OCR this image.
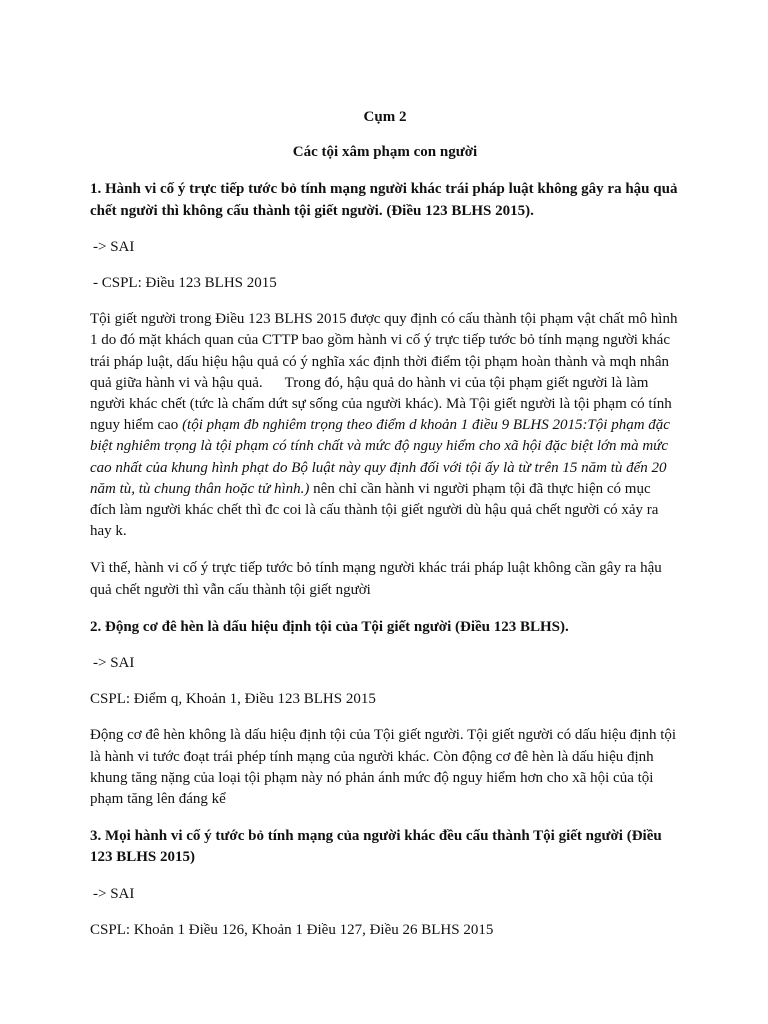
Cụm 2

Các tội xâm phạm con người

1. Hành vi cố ý trực tiếp tước bỏ tính mạng người khác trái pháp luật không gây ra hậu quả chết người thì không cấu thành tội giết người. (Điều 123 BLHS 2015).

-> SAI

- CSPL: Điều 123 BLHS 2015

Tội giết người trong Điều 123 BLHS 2015 được quy định có cấu thành tội phạm vật chất mô hình 1 do đó mặt khách quan của CTTP bao gồm hành vi cố ý trực tiếp tước bỏ tính mạng người khác trái pháp luật, dấu hiệu hậu quả có ý nghĩa xác định thời điểm tội phạm hoàn thành và mqh nhân quả giữa hành vi và hậu quả. Trong đó, hậu quả do hành vi của tội phạm giết người là làm người khác chết (tức là chấm dứt sự sống của người khác). Mà Tội giết người là tội phạm có tính nguy hiểm cao (tội phạm đb nghiêm trọng theo điểm d khoản 1 điều 9 BLHS 2015:Tội phạm đặc biệt nghiêm trọng là tội phạm có tính chất và mức độ nguy hiểm cho xã hội đặc biệt lớn mà mức cao nhất của khung hình phạt do Bộ luật này quy định đối với tội ấy là từ trên 15 năm tù đến 20 năm tù, tù chung thân hoặc tử hình.) nên chỉ cần hành vi người phạm tội đã thực hiện có mục đích làm người khác chết thì đc coi là cấu thành tội giết người dù hậu quả chết người có xảy ra hay k.

Vì thế, hành vi cố ý trực tiếp tước bỏ tính mạng người khác trái pháp luật không cần gây ra hậu quả chết người thì vẫn cấu thành tội giết người

2. Động cơ đê hèn là dấu hiệu định tội của Tội giết người (Điều 123 BLHS).

-> SAI

CSPL: Điểm q, Khoản 1, Điều 123 BLHS 2015

Động cơ đê hèn không là dấu hiệu định tội của Tội giết người. Tội giết người có dấu hiệu định tội là hành vi tước đoạt trái phép tính mạng của người khác. Còn động cơ đê hèn là dấu hiệu định khung tăng nặng của loại tội phạm này nó phản ánh mức độ nguy hiểm hơn cho xã hội của tội phạm tăng lên đáng kể

3. Mọi hành vi cố ý tước bỏ tính mạng của người khác đều cấu thành Tội giết người (Điều 123 BLHS 2015)

-> SAI

CSPL: Khoản 1 Điều 126, Khoản 1 Điều 127, Điều 26 BLHS 2015
